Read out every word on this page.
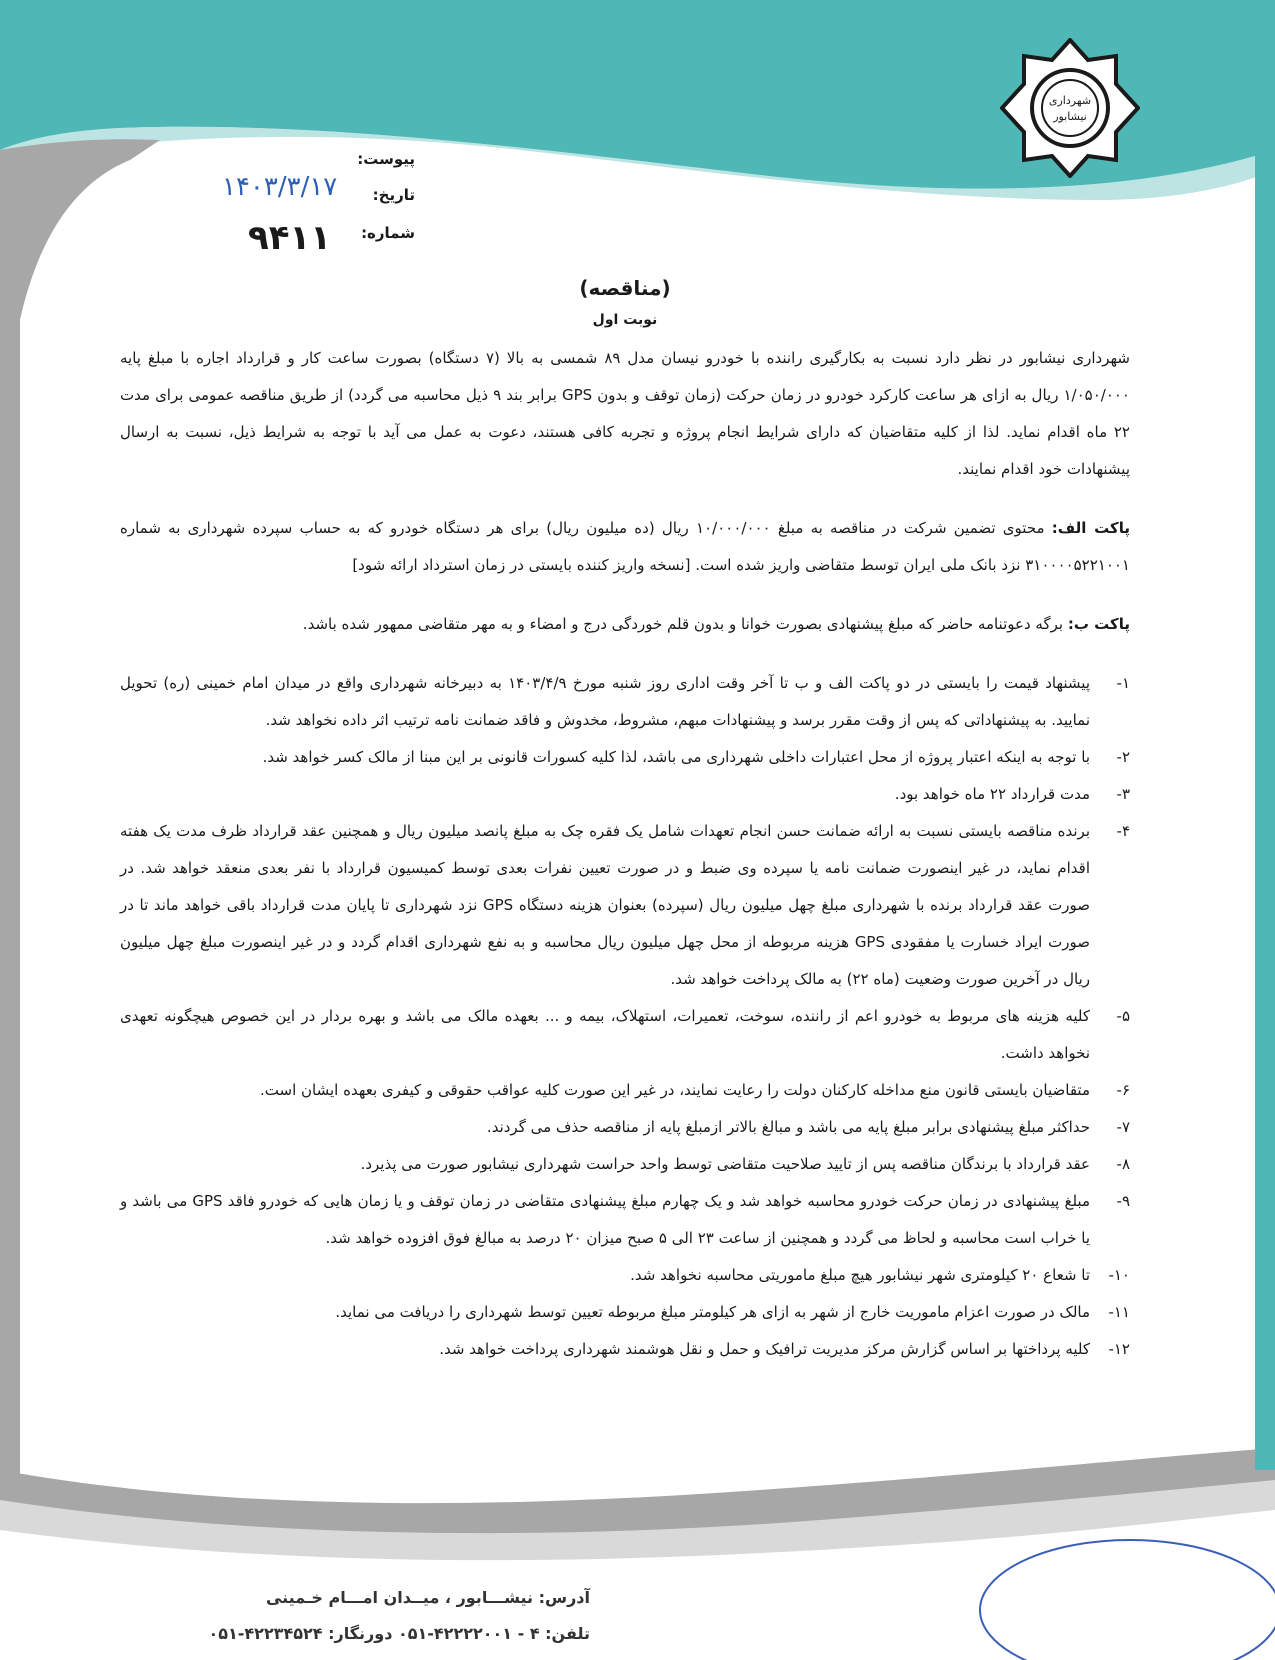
شهرداری
نیشابور
پیوست:
تاریخ:
شماره:
۱۴۰۳/۳/۱۷
۹۴۱۱
(مناقصه)
نوبت اول

شهرداری نیشابور در نظر دارد نسبت به بکارگیری راننده با خودرو نیسان مدل ۸۹ شمسی به بالا (۷ دستگاه) بصورت ساعت کار و قرارداد اجاره با مبلغ پایه ۱/۰۵۰/۰۰۰ ریال به ازای هر ساعت کارکرد خودرو در زمان حرکت (زمان توقف و بدون GPS برابر بند ۹ ذیل محاسبه می گردد) از طریق مناقصه عمومی برای مدت ۲۲ ماه اقدام نماید. لذا از کلیه متقاضیان که دارای شرایط انجام پروژه و تجربه کافی هستند، دعوت به عمل می آید با توجه به شرایط ذیل، نسبت به ارسال پیشنهادات خود اقدام نمایند.

پاکت الف: محتوی تضمین شرکت در مناقصه به مبلغ ۱۰/۰۰۰/۰۰۰ ریال (ده میلیون ریال) برای هر دستگاه خودرو که به حساب سپرده شهرداری به شماره ۳۱۰۰۰۰۵۲۲۱۰۰۱ نزد بانک ملی ایران توسط متقاضی واریز شده است. [نسخه واریز کننده بایستی در زمان استرداد ارائه شود]

پاکت ب: برگه دعوتنامه حاضر که مبلغ پیشنهادی بصورت خوانا و بدون قلم خوردگی درج و امضاء و به مهر متقاضی ممهور شده باشد.

۱-
پیشنهاد قیمت را بایستی در دو پاکت الف و ب تا آخر وقت اداری روز شنبه مورخ ۱۴۰۳/۴/۹ به دبیرخانه شهرداری واقع در میدان امام خمینی (ره) تحویل نمایید. به پیشنهاداتی که پس از وقت مقرر برسد و پیشنهادات مبهم، مشروط، مخدوش و فاقد ضمانت نامه ترتیب اثر داده نخواهد شد.
۲-
با توجه به اینکه اعتبار پروژه از محل اعتبارات داخلی شهرداری می باشد، لذا کلیه کسورات قانونی بر این مبنا از مالک کسر خواهد شد.
۳-
مدت قرارداد ۲۲ ماه خواهد بود.
۴-
برنده مناقصه بایستی نسبت به ارائه ضمانت حسن انجام تعهدات شامل یک فقره چک به مبلغ پانصد میلیون ریال و همچنین عقد قرارداد ظرف مدت یک هفته اقدام نماید، در غیر اینصورت ضمانت نامه یا سپرده وی ضبط و در صورت تعیین نفرات بعدی توسط کمیسیون قرارداد با نفر بعدی منعقد خواهد شد. در صورت عقد قرارداد برنده با شهرداری مبلغ چهل میلیون ریال (سپرده) بعنوان هزینه دستگاه GPS نزد شهرداری تا پایان مدت قرارداد باقی خواهد ماند تا در صورت ایراد خسارت یا مفقودی GPS هزینه مربوطه از محل چهل میلیون ریال محاسبه و به نفع شهرداری اقدام گردد و در غیر اینصورت مبلغ چهل میلیون ریال در آخرین صورت وضعیت (ماه ۲۲) به مالک پرداخت خواهد شد.
۵-
کلیه هزینه های مربوط به خودرو اعم از راننده، سوخت، تعمیرات، استهلاک، بیمه و ... بعهده مالک می باشد و بهره بردار در این خصوص هیچگونه تعهدی نخواهد داشت.
۶-
متقاضیان بایستی قانون منع مداخله کارکنان دولت را رعایت نمایند، در غیر این صورت کلیه عواقب حقوقی و کیفری بعهده ایشان است.
۷-
حداکثر مبلغ پیشنهادی برابر مبلغ پایه می باشد و مبالغ بالاتر ازمبلغ پایه از مناقصه حذف می گردند.
۸-
عقد قرارداد با برندگان مناقصه پس از تایید صلاحیت متقاضی توسط واحد حراست شهرداری نیشابور صورت می پذیرد.
۹-
مبلغ پیشنهادی در زمان حرکت خودرو محاسبه خواهد شد و یک چهارم مبلغ پیشنهادی متقاضی در زمان توقف و یا زمان هایی که خودرو فاقد GPS می باشد و یا خراب است محاسبه و لحاظ می گردد و همچنین از ساعت ۲۳ الی ۵ صبح میزان ۲۰ درصد به مبالغ فوق افزوده خواهد شد.
۱۰-
تا شعاع ۲۰ کیلومتری شهر نیشابور هیچ مبلغ ماموریتی محاسبه نخواهد شد.
۱۱-
مالک در صورت اعزام ماموریت خارج از شهر به ازای هر کیلومتر مبلغ مربوطه تعیین توسط شهرداری را دریافت می نماید.
۱۲-
کلیه پرداختها بر اساس گزارش مرکز مدیریت ترافیک و حمل و نقل هوشمند شهرداری پرداخت خواهد شد.
آدرس: نیشـــابور ، میــدان امـــام خـمینی
تلفن: ۴ - ۴۲۲۲۲۰۰۱-۰۵۱ دورنگار: ۴۲۲۳۴۵۲۴-۰۵۱
